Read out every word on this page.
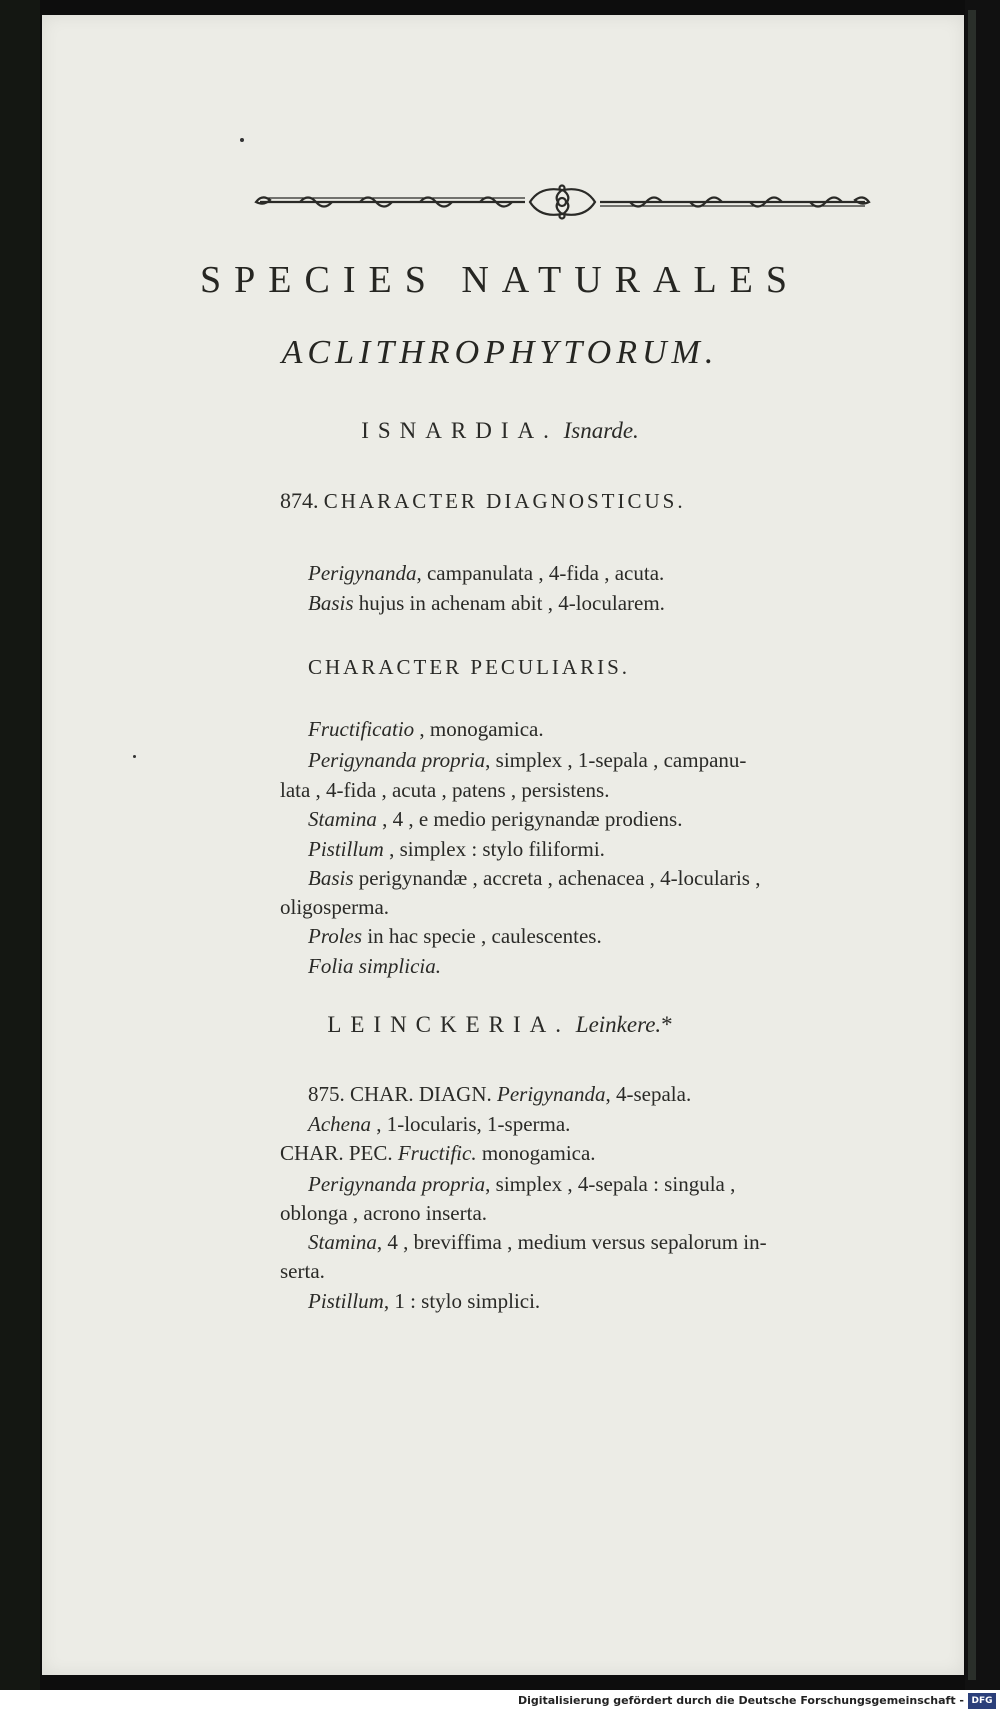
SPECIES NATURALES
ACLITHROPHYTORUM.
ISNARDIA. Isnarde.
874. CHARACTER DIAGNOSTICUS.
Perigynanda, campanulata , 4-fida , acuta.
Basis hujus in achenam abit , 4-locularem.
CHARACTER PECULIARIS.
Fructificatio , monogamica.
Perigynanda propria, simplex , 1-sepala , campanu-
lata , 4-fida , acuta , patens , persistens.
Stamina , 4 , e medio perigynandæ prodiens.
Pistillum , simplex : stylo filiformi.
Basis perigynandæ , accreta , achenacea , 4-locularis ,
oligosperma.
Proles in hac specie , caulescentes.
Folia simplicia.
LEINCKERIA. Leinkere.*
875. CHAR. DIAGN. Perigynanda, 4-sepala.
Achena , 1-locularis, 1-sperma.
CHAR. PEC. Fructific. monogamica.
Perigynanda propria, simplex , 4-sepala : singula ,
oblonga , acrono inserta.
Stamina, 4 , breviffima , medium versus sepalorum in-
serta.
Pistillum, 1 : stylo simplici.
Digitalisierung gefördert durch die Deutsche Forschungsgemeinschaft - DFG
